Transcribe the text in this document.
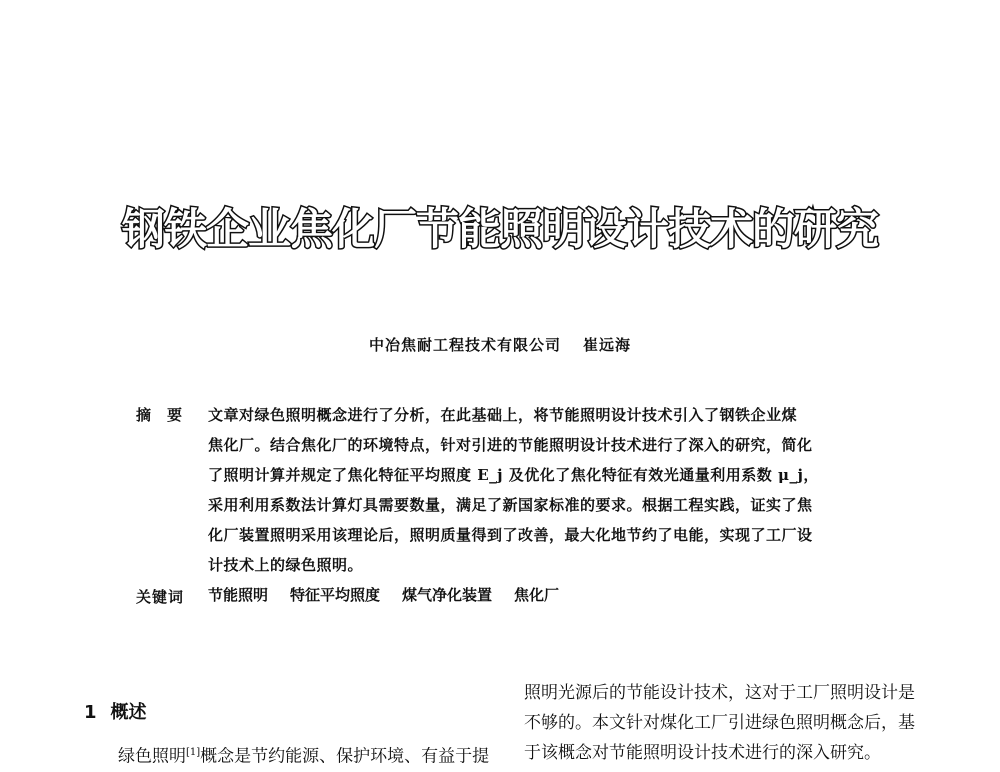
钢铁企业焦化厂节能照明设计技术的研究
中冶焦耐工程技术有限公司 崔远海
摘要 文章对绿色照明概念进行了分析，在此基础上，将节能照明设计技术引入了钢铁企业煤

焦化厂。结合焦化厂的环境特点，针对引进的节能照明设计技术进行了深入的研究，简化

了照明计算并规定了焦化特征平均照度 E_j 及优化了焦化特征有效光通量利用系数 μ_j，

采用利用系数法计算灯具需要数量，满足了新国家标准的要求。根据工程实践，证实了焦

化厂装置照明采用该理论后，照明质量得到了改善，最大化地节约了电能，实现了工厂设

计技术上的绿色照明。

关键词 节能照明 特征平均照度 煤气净化装置 焦化厂
1 概述

绿色照明[1]概念是节约能源、保护环境、有益于提

照明光源后的节能设计技术，这对于工厂照明设计是
不够的。本文针对煤化工厂引进绿色照明概念后，基
于该概念对节能照明设计技术进行的深入研究。
